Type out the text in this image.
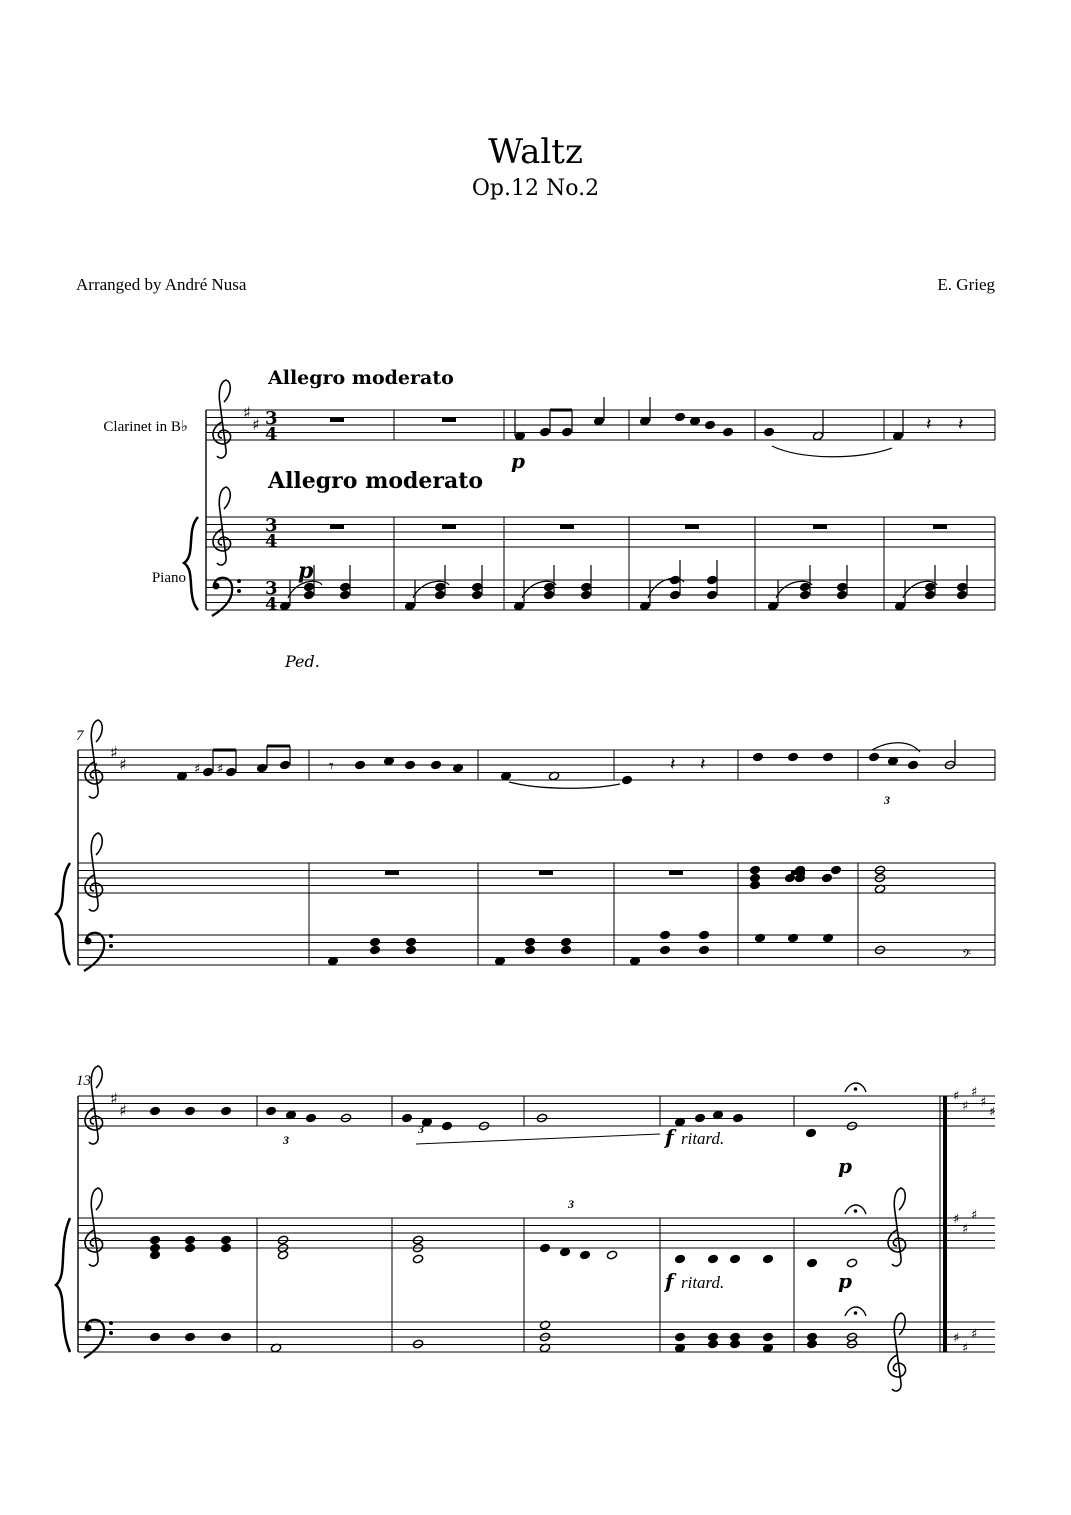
Waltz
Op.12 No.2
Arranged by André Nusa	E. Grieg
Allegro moderato
Allegro moderato
Clarinet in B♭
Piano
7
13
♯
♯ 3
4
3
4
3
4
𝄽 𝄽
♯
♯	♯ ♯
𝄾	𝄾	𝄽 𝄽
𝄢
♯
♯
♯
♯
♯
♯
♯
♯
♯
♯
♯
♯
♯
3
3
3
3
p
p
Ped.
f ritard.
p
f ritard.	p
